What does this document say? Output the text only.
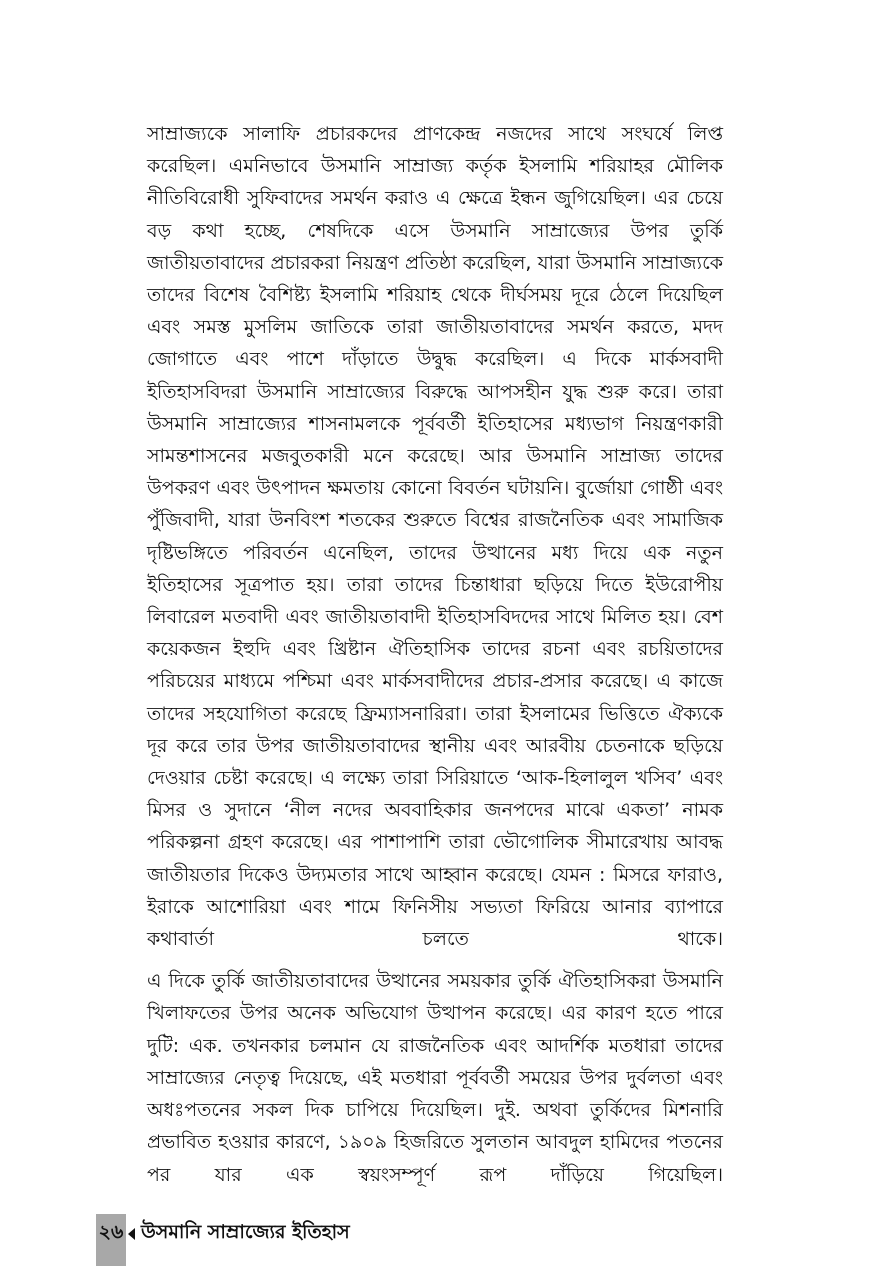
সাম্রাজ্যকে সালাফি প্রচারকদের প্রাণকেন্দ্র নজদের সাথে সংঘর্ষে লিপ্ত করেছিল। এমনিভাবে উসমানি সাম্রাজ্য কর্তৃক ইসলামি শরিয়াহর মৌলিক নীতিবিরোধী সুফিবাদের সমর্থন করাও এ ক্ষেত্রে ইন্ধন জুগিয়েছিল। এর চেয়ে বড় কথা হচ্ছে, শেষদিকে এসে উসমানি সাম্রাজ্যের উপর তুর্কি জাতীয়তাবাদের প্রচারকরা নিয়ন্ত্রণ প্রতিষ্ঠা করেছিল, যারা উসমানি সাম্রাজ্যকে তাদের বিশেষ বৈশিষ্ট্য ইসলামি শরিয়াহ থেকে দীর্ঘসময় দূরে ঠেলে দিয়েছিল এবং সমস্ত মুসলিম জাতিকে তারা জাতীয়তাবাদের সমর্থন করতে, মদদ জোগাতে এবং পাশে দাঁড়াতে উদ্বুদ্ধ করেছিল। এ দিকে মার্কসবাদী ইতিহাসবিদরা উসমানি সাম্রাজ্যের বিরুদ্ধে আপসহীন যুদ্ধ শুরু করে। তারা উসমানি সাম্রাজ্যের শাসনামলকে পূর্ববর্তী ইতিহাসের মধ্যভাগ নিয়ন্ত্রণকারী সামন্তশাসনের মজবুতকারী মনে করেছে। আর উসমানি সাম্রাজ্য তাদের উপকরণ এবং উৎপাদন ক্ষমতায় কোনো বিবর্তন ঘটায়নি। বুর্জোয়া গোষ্ঠী এবং পুঁজিবাদী, যারা উনবিংশ শতকের শুরুতে বিশ্বের রাজনৈতিক এবং সামাজিক দৃষ্টিভঙ্গিতে পরিবর্তন এনেছিল, তাদের উত্থানের মধ্য দিয়ে এক নতুন ইতিহাসের সূত্রপাত হয়। তারা তাদের চিন্তাধারা ছড়িয়ে দিতে ইউরোপীয় লিবারেল মতবাদী এবং জাতীয়তাবাদী ইতিহাসবিদদের সাথে মিলিত হয়। বেশ কয়েকজন ইহুদি এবং খ্রিষ্টান ঐতিহাসিক তাদের রচনা এবং রচয়িতাদের পরিচয়ের মাধ্যমে পশ্চিমা এবং মার্কসবাদীদের প্রচার-প্রসার করেছে। এ কাজে তাদের সহযোগিতা করেছে ফ্রিম্যাসনারিরা। তারা ইসলামের ভিত্তিতে ঐক্যকে দূর করে তার উপর জাতীয়তাবাদের স্থানীয় এবং আরবীয় চেতনাকে ছড়িয়ে দেওয়ার চেষ্টা করেছে। এ লক্ষ্যে তারা সিরিয়াতে ‘আক-হিলালুল খসিব’ এবং মিসর ও সুদানে ‘নীল নদের অববাহিকার জনপদের মাঝে একতা’ নামক পরিকল্পনা গ্রহণ করেছে। এর পাশাপাশি তারা ভৌগোলিক সীমারেখায় আবদ্ধ জাতীয়তার দিকেও উদ্যমতার সাথে আহ্বান করেছে। যেমন : মিসরে ফারাও, ইরাকে আশোরিয়া এবং শামে ফিনিসীয় সভ্যতা ফিরিয়ে আনার ব্যাপারে কথাবার্তা চলতে থাকে।

এ দিকে তুর্কি জাতীয়তাবাদের উত্থানের সময়কার তুর্কি ঐতিহাসিকরা উসমানি খিলাফতের উপর অনেক অভিযোগ উত্থাপন করেছে। এর কারণ হতে পারে দুটি: এক. তখনকার চলমান যে রাজনৈতিক এবং আদর্শিক মতধারা তাদের সাম্রাজ্যের নেতৃত্ব দিয়েছে, এই মতধারা পূর্ববর্তী সময়ের উপর দুর্বলতা এবং অধঃপতনের সকল দিক চাপিয়ে দিয়েছিল। দুই. অথবা তুর্কিদের মিশনারি প্রভাবিত হওয়ার কারণে, ১৯০৯ হিজরিতে সুলতান আবদুল হামিদের পতনের পর যার এক স্বয়ংসম্পূর্ণ রূপ দাঁড়িয়ে গিয়েছিল।

২৬ উসমানি সাম্রাজ্যের ইতিহাস
